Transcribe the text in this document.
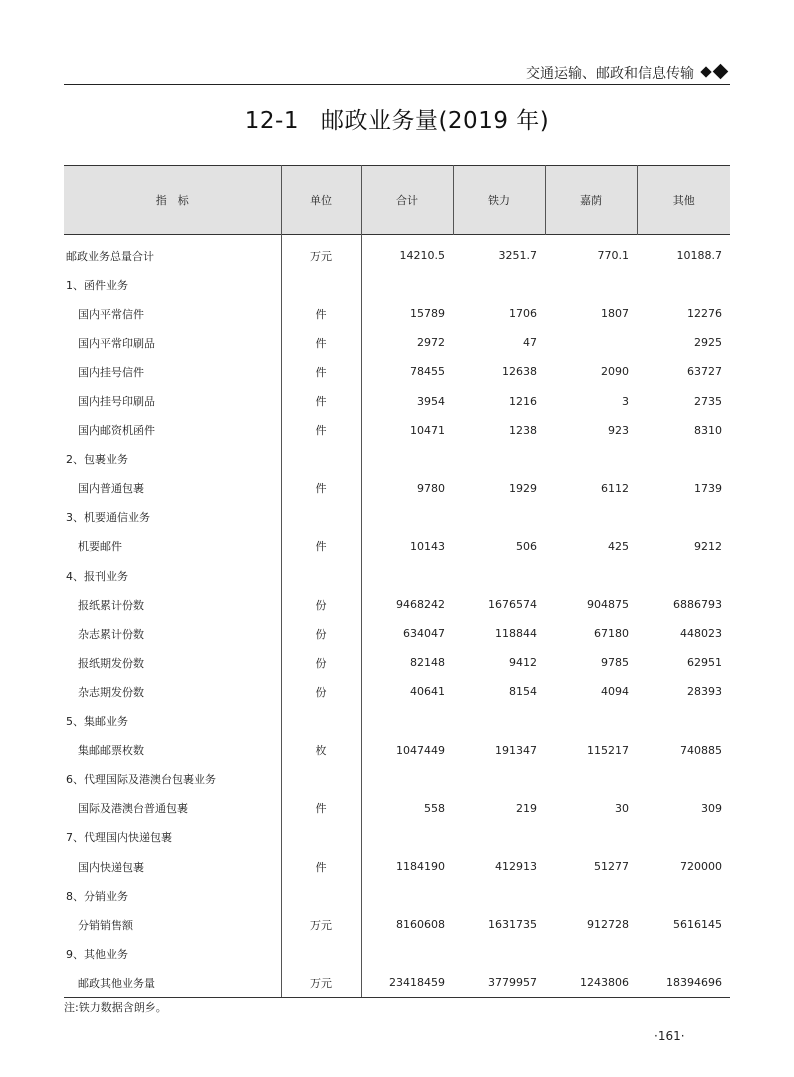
交通运输、邮政和信息传输
12-1 邮政业务量(2019 年)
指　标	单位	合计	铁力	嘉荫	其他
邮政业务总量合计	万元	14210.5	3251.7	770.1	10188.7
1、函件业务					
国内平常信件	件	15789	1706	1807	12276
国内平常印刷品	件	2972	47		2925
国内挂号信件	件	78455	12638	2090	63727
国内挂号印刷品	件	3954	1216	3	2735
国内邮资机函件	件	10471	1238	923	8310
2、包裹业务					
国内普通包裹	件	9780	1929	6112	1739
3、机要通信业务					
机要邮件	件	10143	506	425	9212
4、报刊业务					
报纸累计份数	份	9468242	1676574	904875	6886793
杂志累计份数	份	634047	118844	67180	448023
报纸期发份数	份	82148	9412	9785	62951
杂志期发份数	份	40641	8154	4094	28393
5、集邮业务					
集邮邮票枚数	枚	1047449	191347	115217	740885
6、代理国际及港澳台包裹业务					
国际及港澳台普通包裹	件	558	219	30	309
7、代理国内快递包裹					
国内快递包裹	件	1184190	412913	51277	720000
8、分销业务					
分销销售额	万元	8160608	1631735	912728	5616145
9、其他业务					
邮政其他业务量	万元	23418459	3779957	1243806	18394696
注:铁力数据含朗乡。
·161·
